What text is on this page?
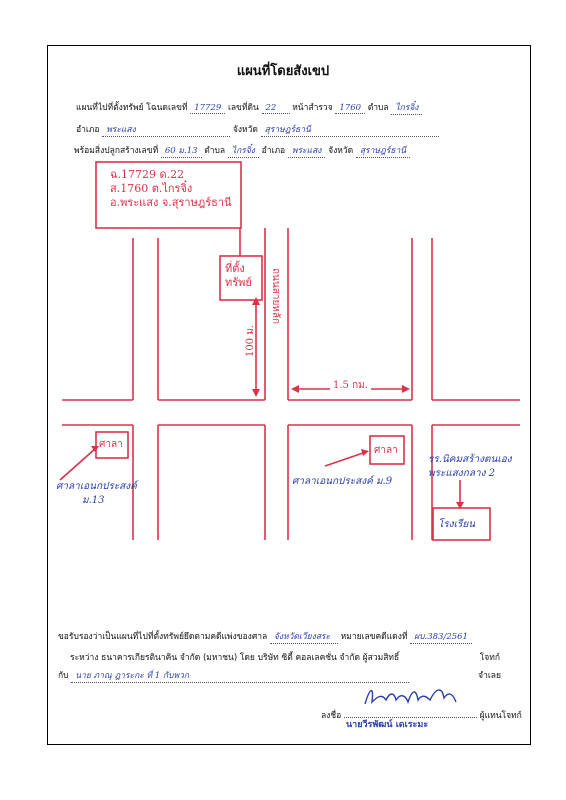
แผนที่โดยสังเขป
แผนที่ไปที่ตั้งทรัพย์ โฉนดเลขที่ 17729 เลขที่ดิน 22 หน้าสำรวจ 1760 ตำบล ไกรจิ๋ง
อำเภอ พระแสง	จังหวัด สุราษฎร์ธานี
พร้อมสิ่งปลูกสร้างเลขที่ 60 ม.13 ตำบล ไกรจิ๋ง อำเภอ พระแสง จังหวัด สุราษฎร์ธานี
ฉ.17729 ด.22
ส.1760 ต.ไกรจิ๋ง
อ.พระแสง จ.สุราษฎร์ธานี
ที่ตั้ง
ทรัพย์ ถนนสายหลัก
100 ม.
1.5 กม.
ศาลา
ศาลาเอนกประสงค์
ม.13
ศาลา
ศาลาเอนกประสงค์ ม.9
รร.นิคมสร้างตนเอง
พระแสงกลาง 2
โรงเรียน
ขอรับรองว่าเป็นแผนที่ไปที่ตั้งทรัพย์ยึดตามคดีแพ่งของศาล จังหวัดเวียงสระ หมายเลขคดีแดงที่ ผบ.383/2561
ระหว่าง ธนาคารเกียรตินาคิน จำกัด (มหาชน) โดย บริษัท ซิตี้ คอลเลคชั่น จำกัด ผู้สวมสิทธิ์	โจทก์
กับ นาย ภาณุ ฎาระกะ ที่ 1 กับพวก	จำเลย
ลงชื่อ	ผู้แทนโจทก์
นายวีรพัฒน์ เดเระมะ
